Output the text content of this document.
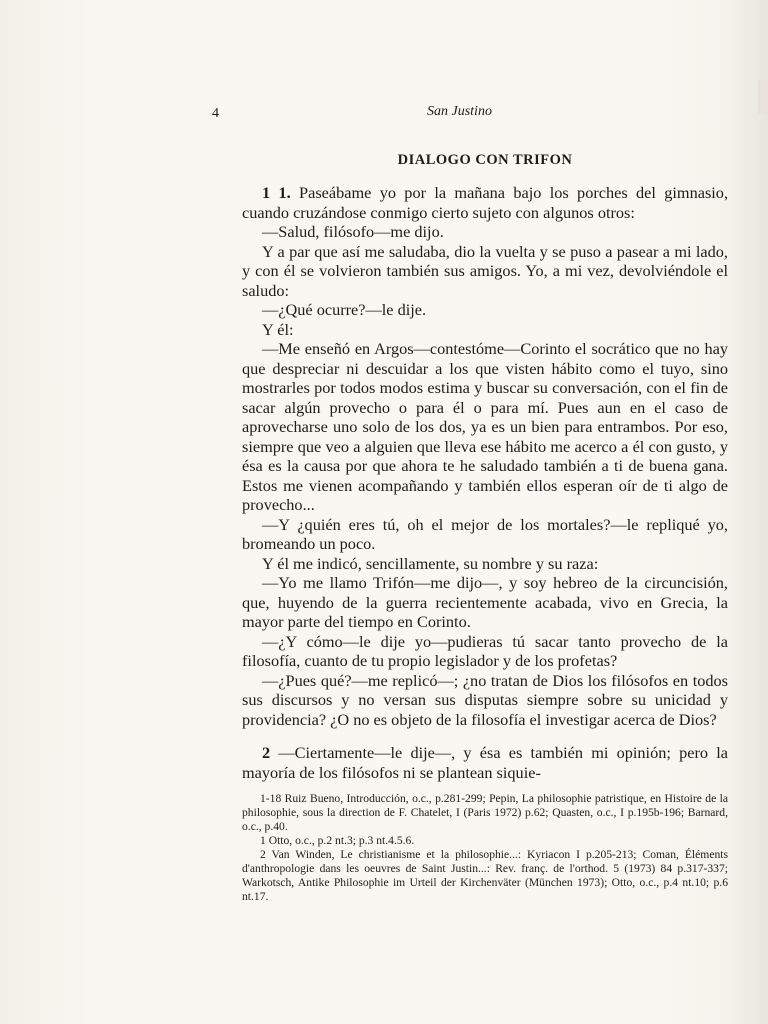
4	San Justino
DIALOGO CON TRIFON

1 1. Paseábame yo por la mañana bajo los porches del gimnasio, cuando cruzándose conmigo cierto sujeto con algunos otros:

—Salud, filósofo—me dijo.

Y a par que así me saludaba, dio la vuelta y se puso a pasear a mi lado, y con él se volvieron también sus amigos. Yo, a mi vez, devolviéndole el saludo:

—¿Qué ocurre?—le dije.

Y él:

—Me enseñó en Argos—contestóme—Corinto el socrático que no hay que despreciar ni descuidar a los que visten hábito como el tuyo, sino mostrarles por todos modos estima y buscar su conversación, con el fin de sacar algún provecho o para él o para mí. Pues aun en el caso de aprovecharse uno solo de los dos, ya es un bien para entrambos. Por eso, siempre que veo a alguien que lleva ese hábito me acerco a él con gusto, y ésa es la causa por que ahora te he saludado también a ti de buena gana. Estos me vienen acompañando y también ellos esperan oír de ti algo de provecho...

—Y ¿quién eres tú, oh el mejor de los mortales?—le repliqué yo, bromeando un poco.

Y él me indicó, sencillamente, su nombre y su raza:

—Yo me llamo Trifón—me dijo—, y soy hebreo de la circuncisión, que, huyendo de la guerra recientemente acabada, vivo en Grecia, la mayor parte del tiempo en Corinto.

—¿Y cómo—le dije yo—pudieras tú sacar tanto provecho de la filosofía, cuanto de tu propio legislador y de los profetas?

—¿Pues qué?—me replicó—; ¿no tratan de Dios los filósofos en todos sus discursos y no versan sus disputas siempre sobre su unicidad y providencia? ¿O no es objeto de la filosofía el investigar acerca de Dios?

2 —Ciertamente—le dije—, y ésa es también mi opinión; pero la mayoría de los filósofos ni se plantean siquie-

1-18 Ruiz Bueno, Introducción, o.c., p.281-299; Pepin, La philosophie patristique, en Histoire de la philosophie, sous la direction de F. Chatelet, I (Paris 1972) p.62; Quasten, o.c., I p.195b-196; Barnard, o.c., p.40.

1 Otto, o.c., p.2 nt.3; p.3 nt.4.5.6.

2 Van Winden, Le christianisme et la philosophie...: Kyriacon I p.205-213; Coman, Éléments d'anthropologie dans les oeuvres de Saint Justin...: Rev. franç. de l'orthod. 5 (1973) 84 p.317-337; Warkotsch, Antike Philosophie im Urteil der Kirchenväter (München 1973); Otto, o.c., p.4 nt.10; p.6 nt.17.
